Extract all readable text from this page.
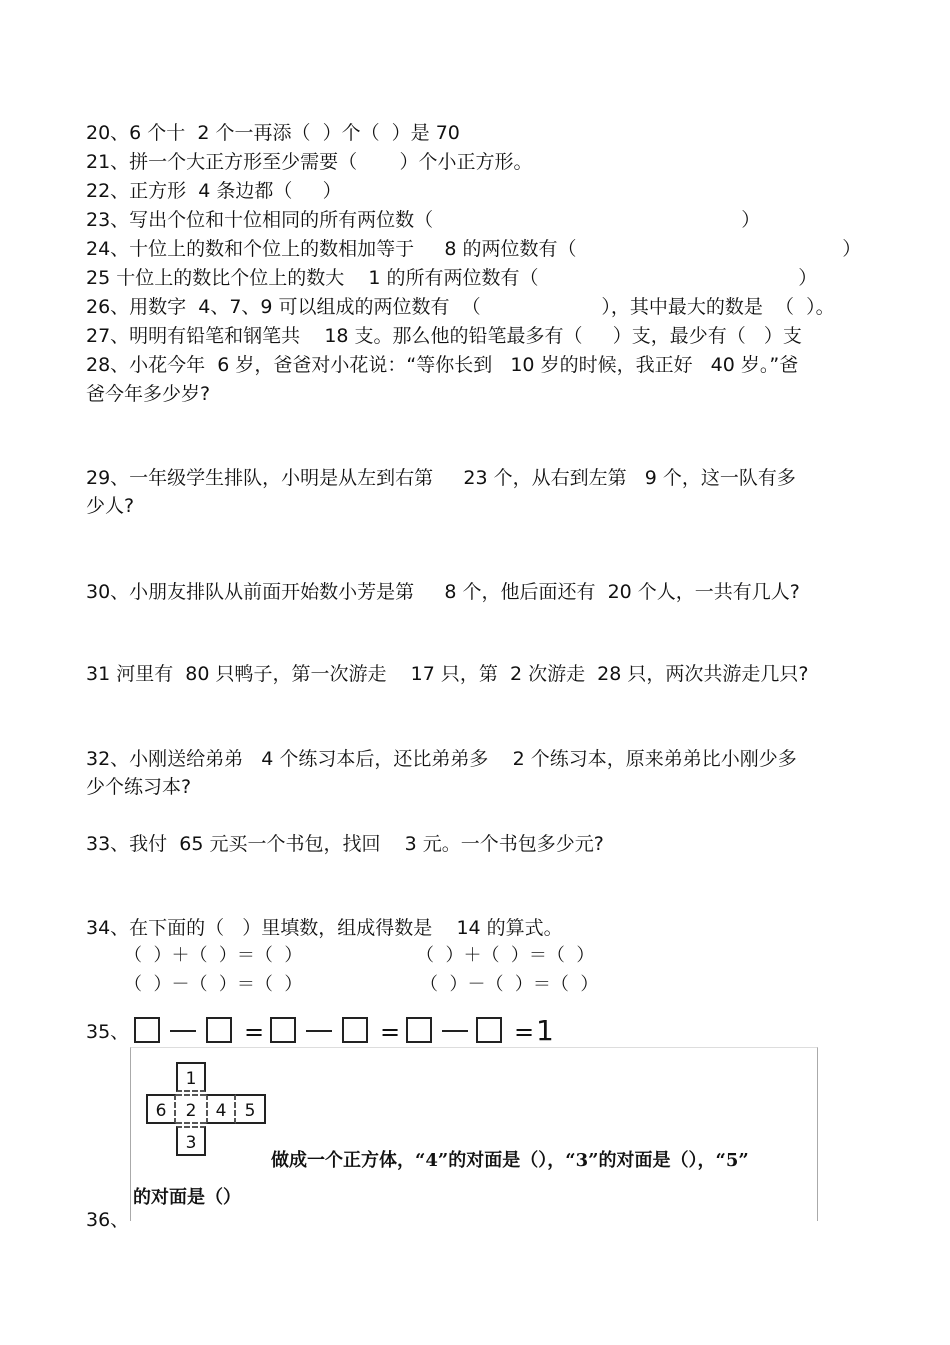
20、6 个十  2 个一再添（  ）个（  ）是 70
21、拼一个大正方形至少需要（       ）个小正方形。
22、正方形  4 条边都（     ）
23、写出个位和十位相同的所有两位数（                                                   ）
24、十位上的数和个位上的数相加等于     8 的两位数有（                                            ）
25 十位上的数比个位上的数大    1 的所有两位数有（                                           ）
26、用数字  4、7、9 可以组成的两位数有  （                    ），其中最大的数是  （  ）。
27、明明有铅笔和钢笔共    18 支。那么他的铅笔最多有（     ）支，最少有（   ）支
28、小花今年  6 岁，爸爸对小花说：“等你长到   10 岁的时候，我正好   40 岁。”爸
爸今年多少岁?
29、一年级学生排队，小明是从左到右第     23 个，从右到左第   9 个，这一队有多
少人?
30、小朋友排队从前面开始数小芳是第     8 个，他后面还有  20 个人，一共有几人?
31 河里有  80 只鸭子，第一次游走    17 只，第  2 次游走  28 只，两次共游走几只?
32、小刚送给弟弟   4 个练习本后，还比弟弟多    2 个练习本，原来弟弟比小刚少多
少个练习本?
33、我付  65 元买一个书包，找回    3 元。一个书包多少元?
34、在下面的（   ）里填数，组成得数是    14 的算式。
（  ）＋（  ）＝（  ）	（  ）＋（  ）＝（  ）
（  ）－（  ）＝（  ）	（  ）－（  ）＝（  ）
35、	=	=	= 1
1
6	2	4	5
3
做成一个正方体，“4”的对面是（），“3”的对面是（），“5”
的对面是（）
36、
